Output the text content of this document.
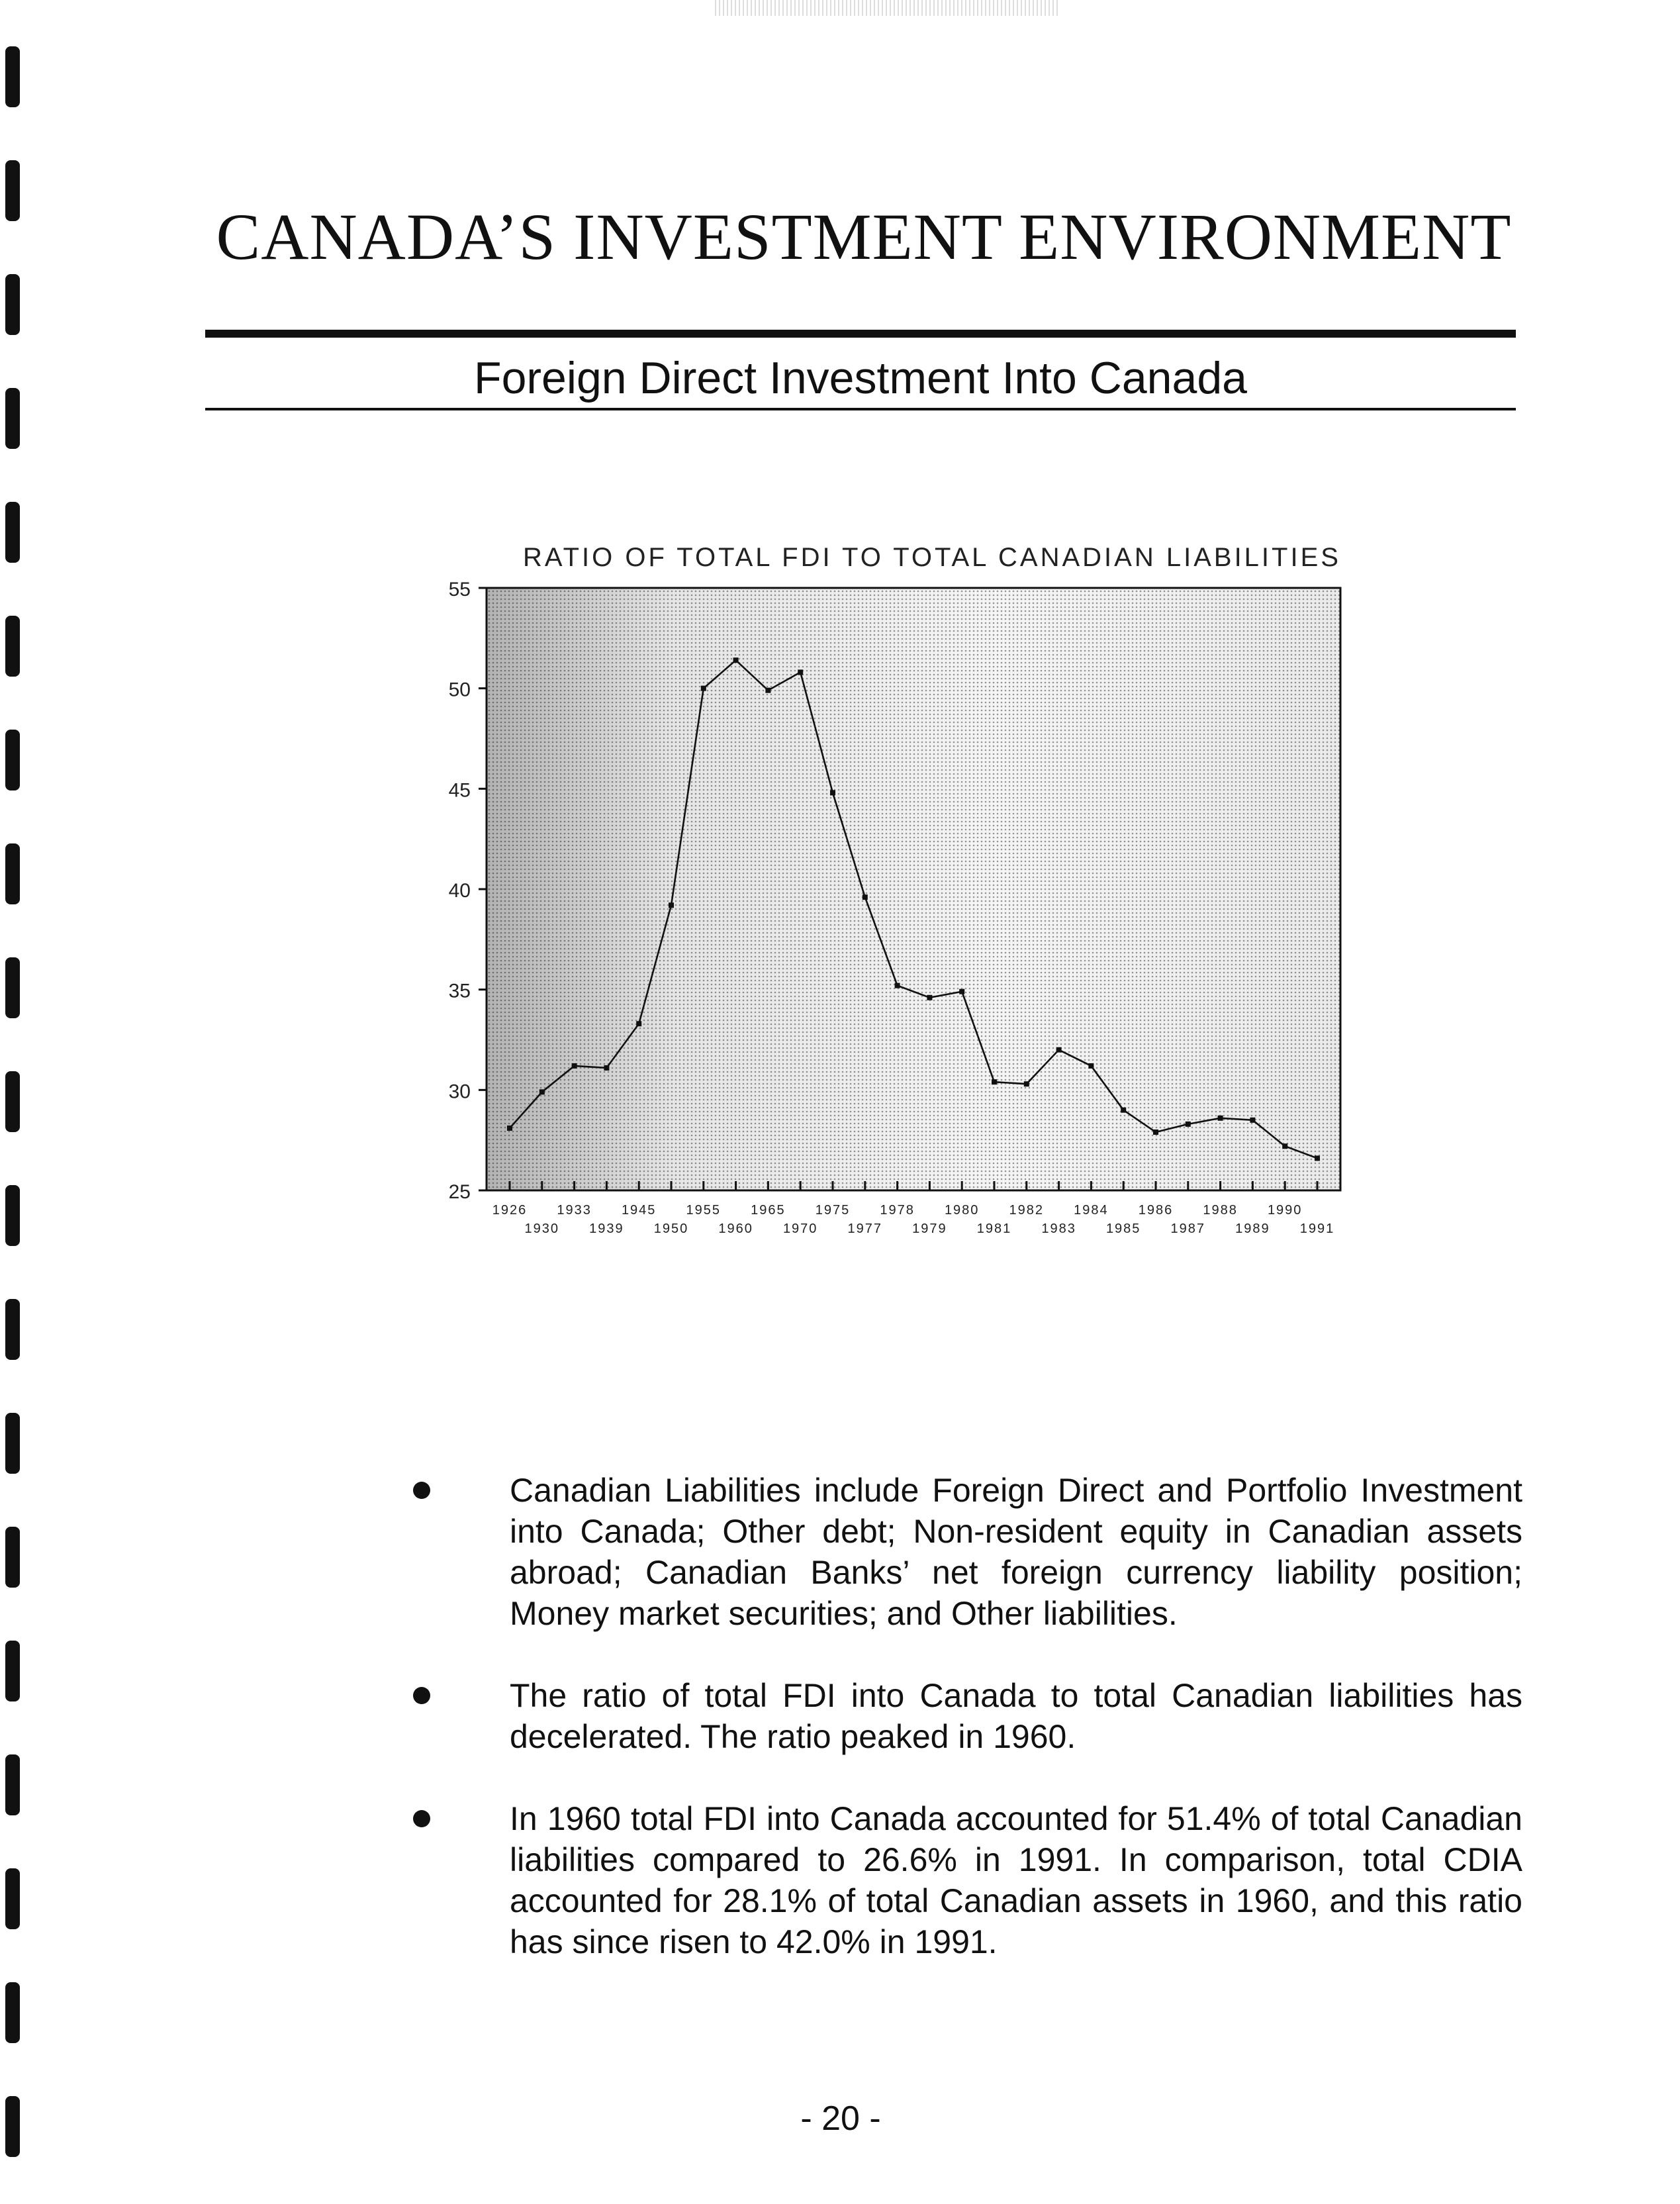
CANADA’S INVESTMENT ENVIRONMENT
Foreign Direct Investment Into Canada
RATIO OF TOTAL FDI TO TOTAL CANADIAN LIABILITIES
25
30
35
40
45
50
55
1926
1930
1933
1939
1945
1950
1955
1960
1965
1970
1975
1977
1978
1979
1980
1981
1982
1983
1984
1985
1986
1987
1988
1989
1990
1991
Canadian Liabilities include Foreign Direct and Portfolio Investment into Canada; Other debt; Non-resident equity in Canadian assets abroad; Canadian Banks’ net foreign currency liability position; Money market securities; and Other liabilities.
The ratio of total FDI into Canada to total Canadian liabilities has decelerated. The ratio peaked in 1960.
In 1960 total FDI into Canada accounted for 51.4% of total Canadian liabilities compared to 26.6% in 1991. In comparison, total CDIA accounted for 28.1% of total Canadian assets in 1960, and this ratio has since risen to 42.0% in 1991.
- 20 -
